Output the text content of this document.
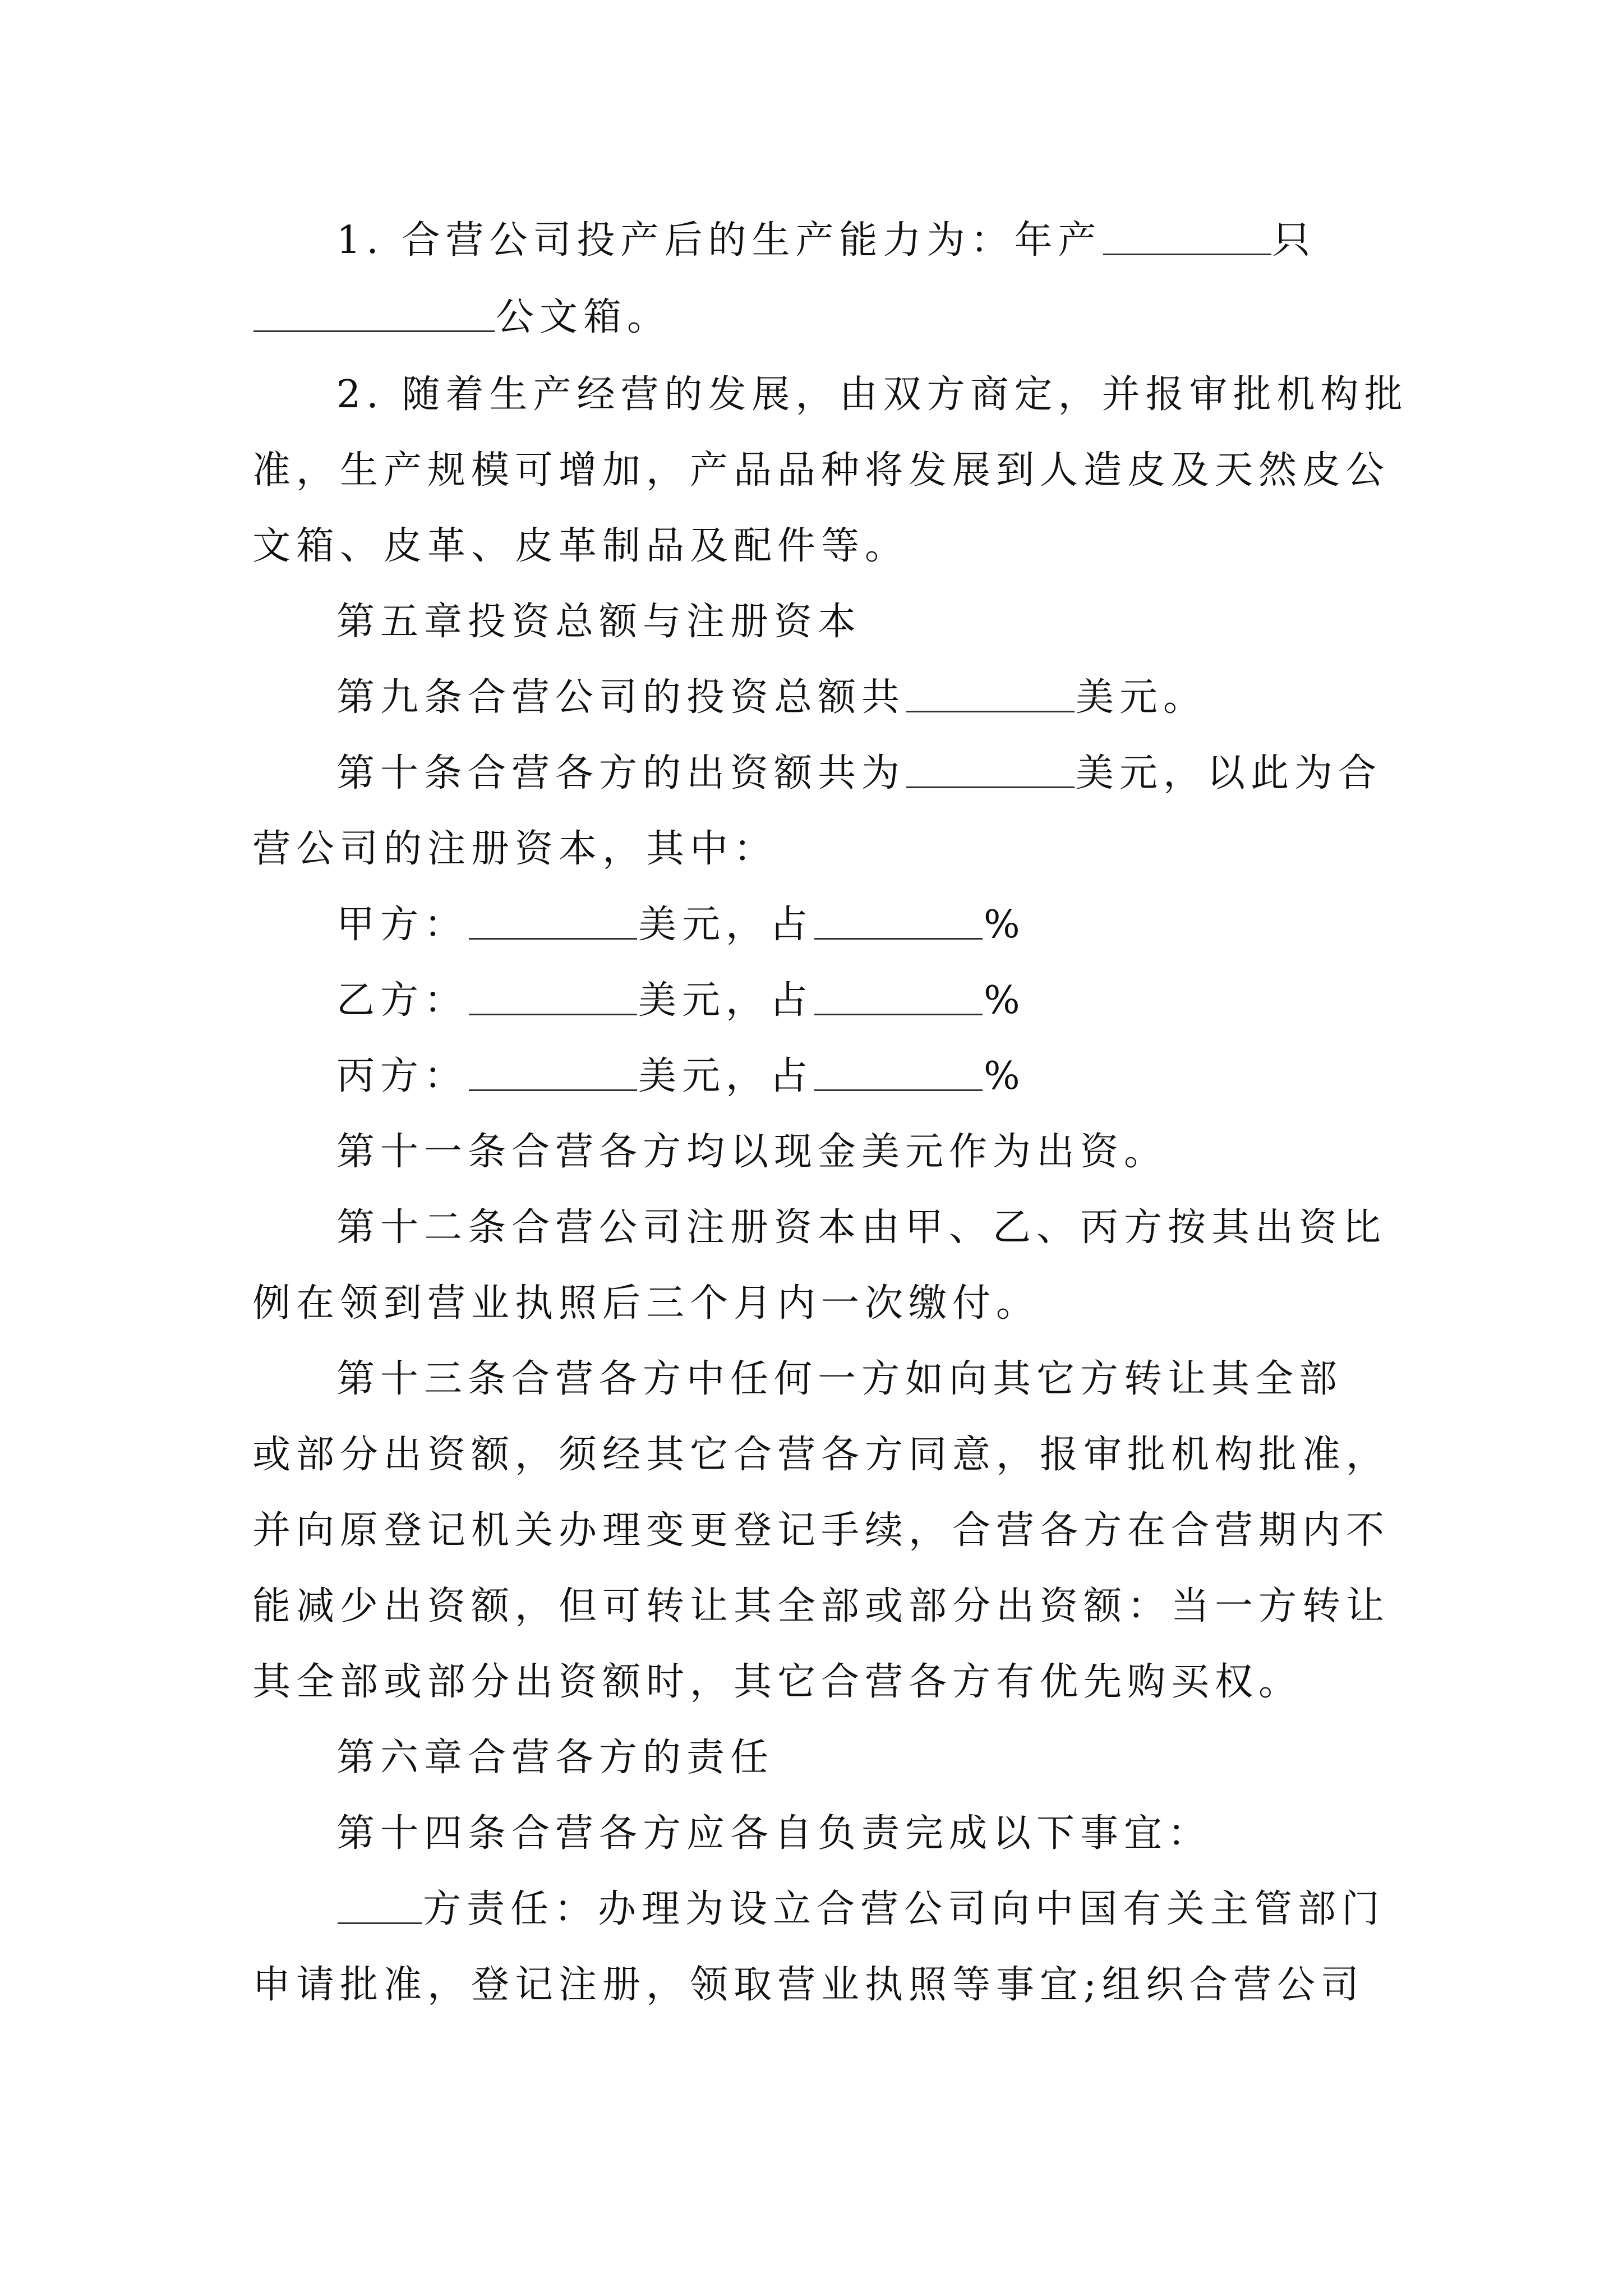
1. 合营公司投产后的生产能力为：年产	只
公文箱。
2. 随着生产经营的发展，由双方商定，并报审批机构批
准，生产规模可增加，产品品种将发展到人造皮及天然皮公
文箱、皮革、皮革制品及配件等。
第五章投资总额与注册资本
第九条合营公司的投资总额共	美元。
第十条合营各方的出资额共为	美元，以此为合
营公司的注册资本，其中：
甲方：	美元，占	%
乙方：	美元，占	%
丙方：	美元，占	%
第十一条合营各方均以现金美元作为出资。
第十二条合营公司注册资本由甲、乙、丙方按其出资比
例在领到营业执照后三个月内一次缴付。
第十三条合营各方中任何一方如向其它方转让其全部
或部分出资额，须经其它合营各方同意，报审批机构批准，
并向原登记机关办理变更登记手续，合营各方在合营期内不
能减少出资额，但可转让其全部或部分出资额：当一方转让
其全部或部分出资额时，其它合营各方有优先购买权。
第六章合营各方的责任
第十四条合营各方应各自负责完成以下事宜：
方责任：办理为设立合营公司向中国有关主管部门
申请批准，登记注册，领取营业执照等事宜;组织合营公司
